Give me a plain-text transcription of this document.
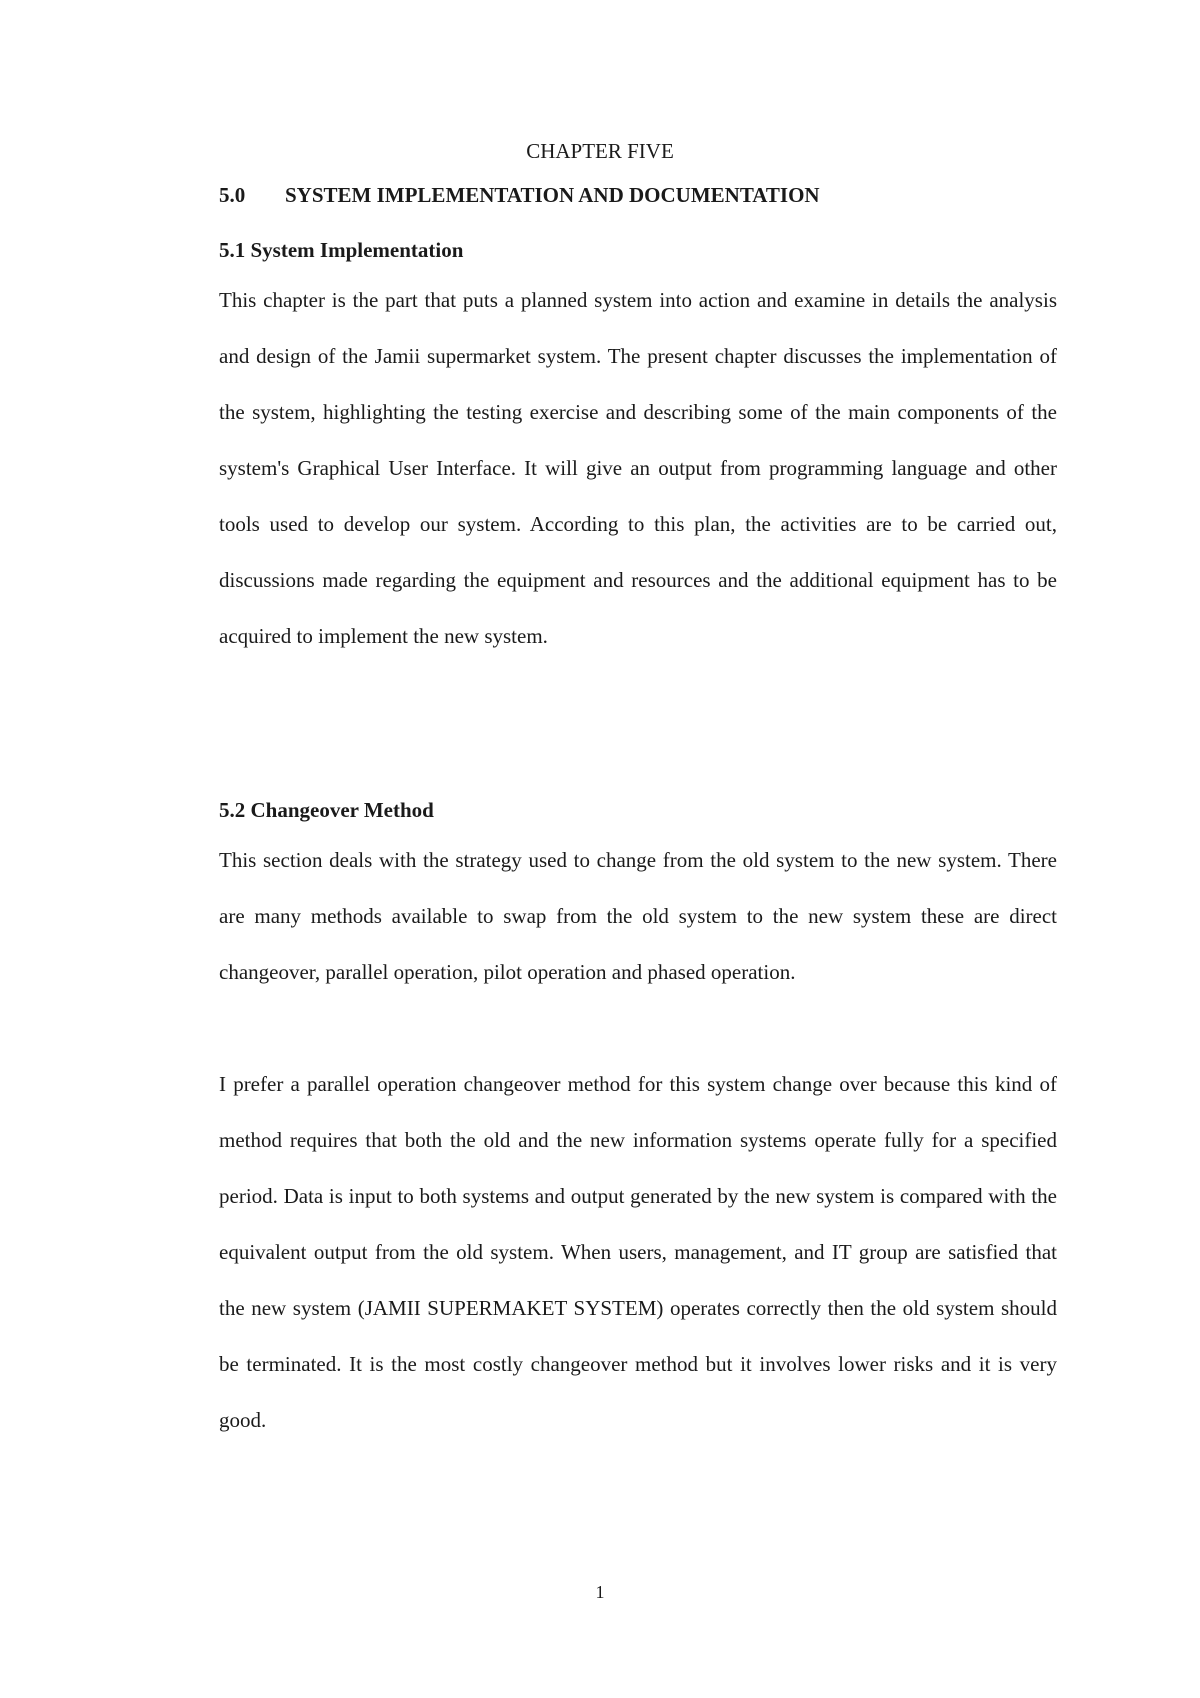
CHAPTER FIVE
5.0 SYSTEM IMPLEMENTATION AND DOCUMENTATION
5.1 System Implementation

This chapter is the part that puts a planned system into action and examine in details the analysis and design of the Jamii supermarket system. The present chapter discusses the implementation of the system, highlighting the testing exercise and describing some of the main components of the system's Graphical User Interface. It will give an output from programming language and other tools used to develop our system. According to this plan, the activities are to be carried out, discussions made regarding the equipment and resources and the additional equipment has to be acquired to implement the new system.

5.2 Changeover Method

This section deals with the strategy used to change from the old system to the new system. There are many methods available to swap from the old system to the new system these are direct changeover, parallel operation, pilot operation and phased operation.

I prefer a parallel operation changeover method for this system change over because this kind of method requires that both the old and the new information systems operate fully for a specified period. Data is input to both systems and output generated by the new system is compared with the equivalent output from the old system. When users, management, and IT group are satisfied that the new system (JAMII SUPERMAKET SYSTEM) operates correctly then the old system should be terminated. It is the most costly changeover method but it involves lower risks and it is very good.

1
